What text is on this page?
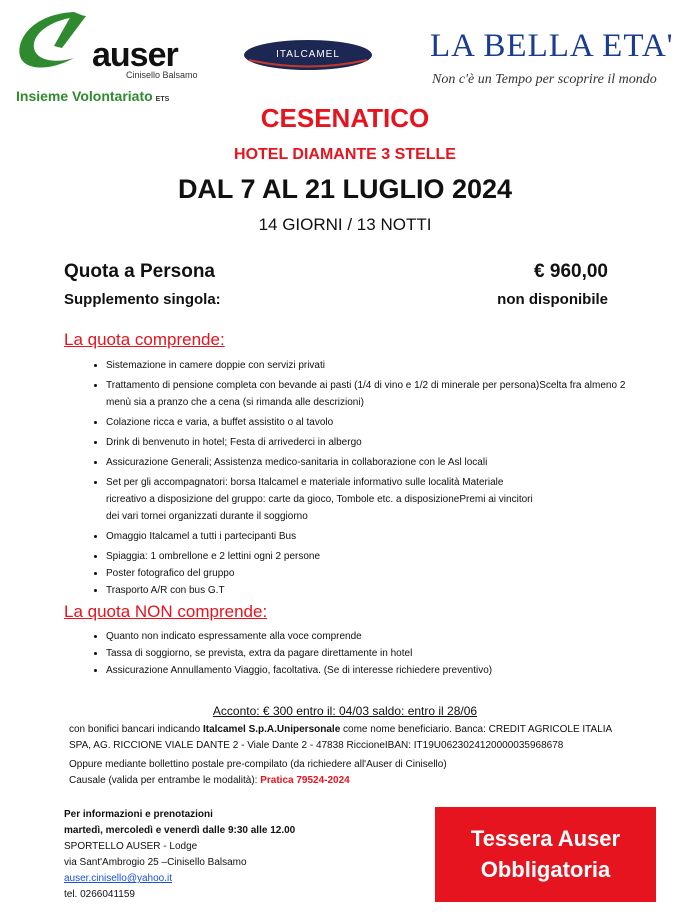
auser
Cinisello Balsamo
Insieme Volontariato ETS
ITALCAMEL	LA BELLA ETA'
Non c'è un Tempo per scoprire il mondo
CESENATICO
HOTEL DIAMANTE 3 STELLE
DAL 7 AL 21 LUGLIO 2024
14 GIORNI / 13 NOTTI
Quota a Persona	€ 960,00
Supplemento singola:	non disponibile
La quota comprende:
• Sistemazione in camere doppie con servizi privati
• Trattamento di pensione completa con bevande ai pasti (1/4 di vino e 1/2 di minerale per persona)Scelta fra almeno 2 menù sia a pranzo che a cena (si rimanda alle descrizioni)
• Colazione ricca e varia, a buffet assistito o al tavolo
• Drink di benvenuto in hotel; Festa di arrivederci in albergo
• Assicurazione Generali; Assistenza medico-sanitaria in collaborazione con le Asl locali
• Set per gli accompagnatori: borsa Italcamel e materiale informativo sulle località Materiale ricreativo a disposizione del gruppo: carte da gioco, Tombole etc. a disposizionePremi ai vincitori dei vari tornei organizzati durante il soggiorno
• Omaggio Italcamel a tutti i partecipanti Bus
• Spiaggia: 1 ombrellone e 2 lettini ogni 2 persone
• Poster fotografico del gruppo
• Trasporto A/R con bus G.T
La quota NON comprende:
• Quanto non indicato espressamente alla voce comprende
• Tassa di soggiorno, se prevista, extra da pagare direttamente in hotel
• Assicurazione Annullamento Viaggio, facoltativa. (Se di interesse richiedere preventivo)
Acconto: € 300 entro il: 04/03 saldo: entro il 28/06
con bonifici bancari indicando Italcamel S.p.A.Unipersonale come nome beneficiario. Banca: CREDIT AGRICOLE ITALIA SPA, AG. RICCIONE VIALE DANTE 2 - Viale Dante 2 - 47838 RiccioneIBAN: IT19U0623024120000035968678
Oppure mediante bollettino postale pre-compilato (da richiedere all'Auser di Cinisello)
Causale (valida per entrambe le modalità): Pratica 79524-2024
Per informazioni e prenotazioni
martedì, mercoledì e venerdì dalle 9:30 alle 12.00
SPORTELLO AUSER - Lodge
via Sant'Ambrogio 25 –Cinisello Balsamo
auser.cinisello@yahoo.it
tel. 0266041159
Tessera Auser
Obbligatoria
